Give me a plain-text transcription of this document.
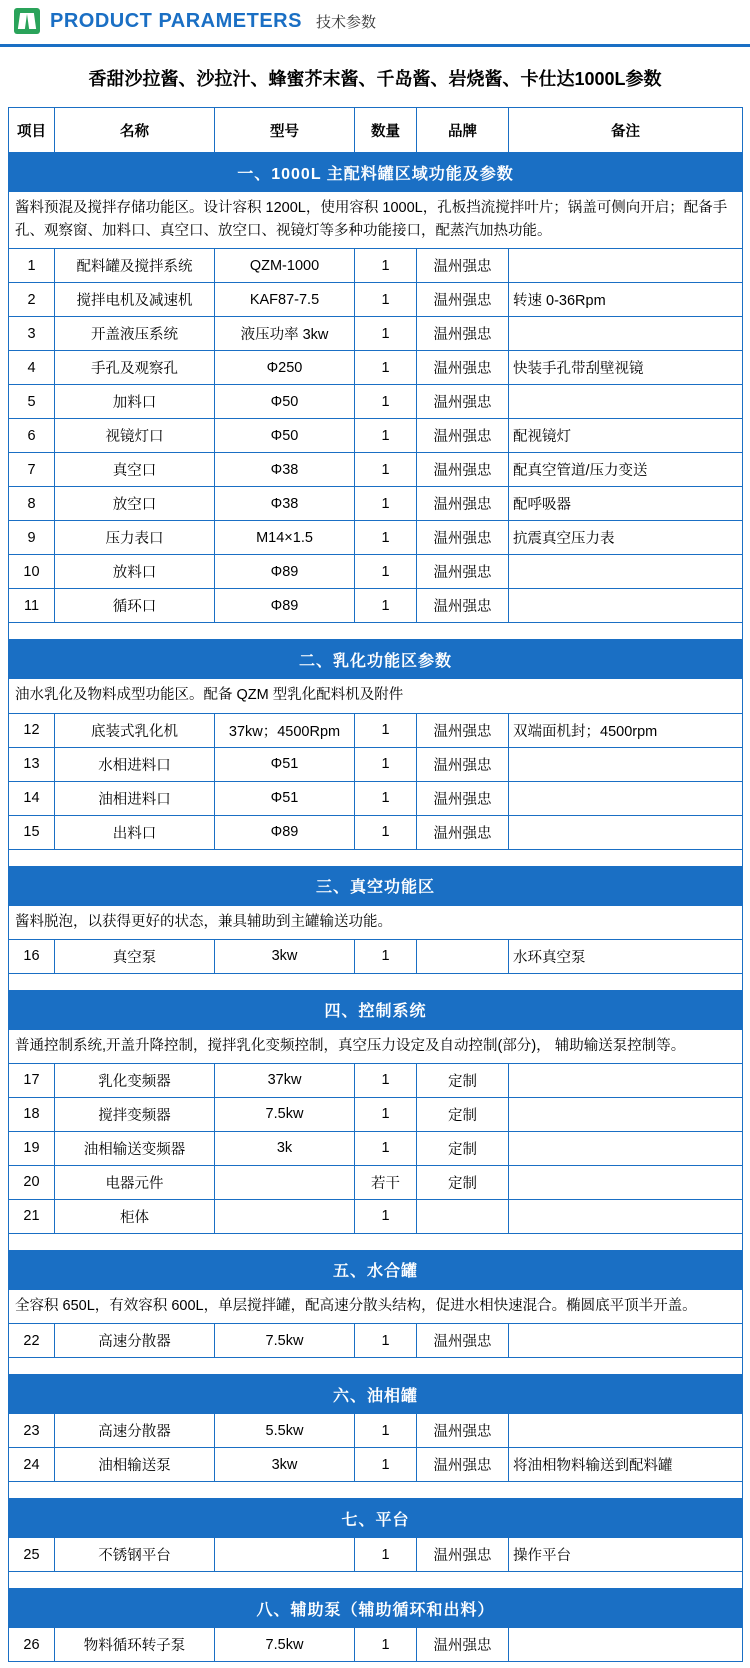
PRODUCT PARAMETERS 技术参数
香甜沙拉酱、沙拉汁、蜂蜜芥末酱、千岛酱、岩烧酱、卡仕达1000L参数
项目	名称	型号	数量	品牌	备注
一、1000L 主配料罐区域功能及参数					
酱料预混及搅拌存储功能区。设计容积 1200L，使用容积 1000L，孔板挡流搅拌叶片；锅盖可侧向开启；配备手孔、观察窗、加料口、真空口、放空口、视镜灯等多种功能接口，配蒸汽加热功能。					
1	配料罐及搅拌系统	QZM-1000	1	温州强忠	
2	搅拌电机及减速机	KAF87-7.5	1	温州强忠	转速 0-36Rpm
3	开盖液压系统	液压功率 3kw	1	温州强忠	
4	手孔及观察孔	Φ250	1	温州强忠	快装手孔带刮壁视镜
5	加料口	Φ50	1	温州强忠	
6	视镜灯口	Φ50	1	温州强忠	配视镜灯
7	真空口	Φ38	1	温州强忠	配真空管道/压力变送
8	放空口	Φ38	1	温州强忠	配呼吸器
9	压力表口	M14×1.5	1	温州强忠	抗震真空压力表
10	放料口	Φ89	1	温州强忠	
11	循环口	Φ89	1	温州强忠	

二、乳化功能区参数					
油水乳化及物料成型功能区。配备 QZM 型乳化配料机及附件					
12	底装式乳化机	37kw；4500Rpm	1	温州强忠	双端面机封；4500rpm
13	水相进料口	Φ51	1	温州强忠	
14	油相进料口	Φ51	1	温州强忠	
15	出料口	Φ89	1	温州强忠	

三、真空功能区					
酱料脱泡，以获得更好的状态，兼具辅助到主罐输送功能。					
16	真空泵	3kw	1		水环真空泵

四、控制系统					
普通控制系统,开盖升降控制，搅拌乳化变频控制，真空压力设定及自动控制(部分)， 辅助输送泵控制等。					
17	乳化变频器	37kw	1	定制	
18	搅拌变频器	7.5kw	1	定制	
19	油相输送变频器	3k	1	定制	
20	电器元件		若干	定制	
21	柜体		1		

五、水合罐					
全容积 650L，有效容积 600L，单层搅拌罐，配高速分散头结构，促进水相快速混合。椭圆底平顶半开盖。					
22	高速分散器	7.5kw	1	温州强忠	

六、油相罐					
23	高速分散器	5.5kw	1	温州强忠	
24	油相输送泵	3kw	1	温州强忠	将油相物料输送到配料罐

七、平台					
25	不锈钢平台		1	温州强忠	操作平台

八、辅助泵（辅助循环和出料）					
26	物料循环转子泵	7.5kw	1	温州强忠	
